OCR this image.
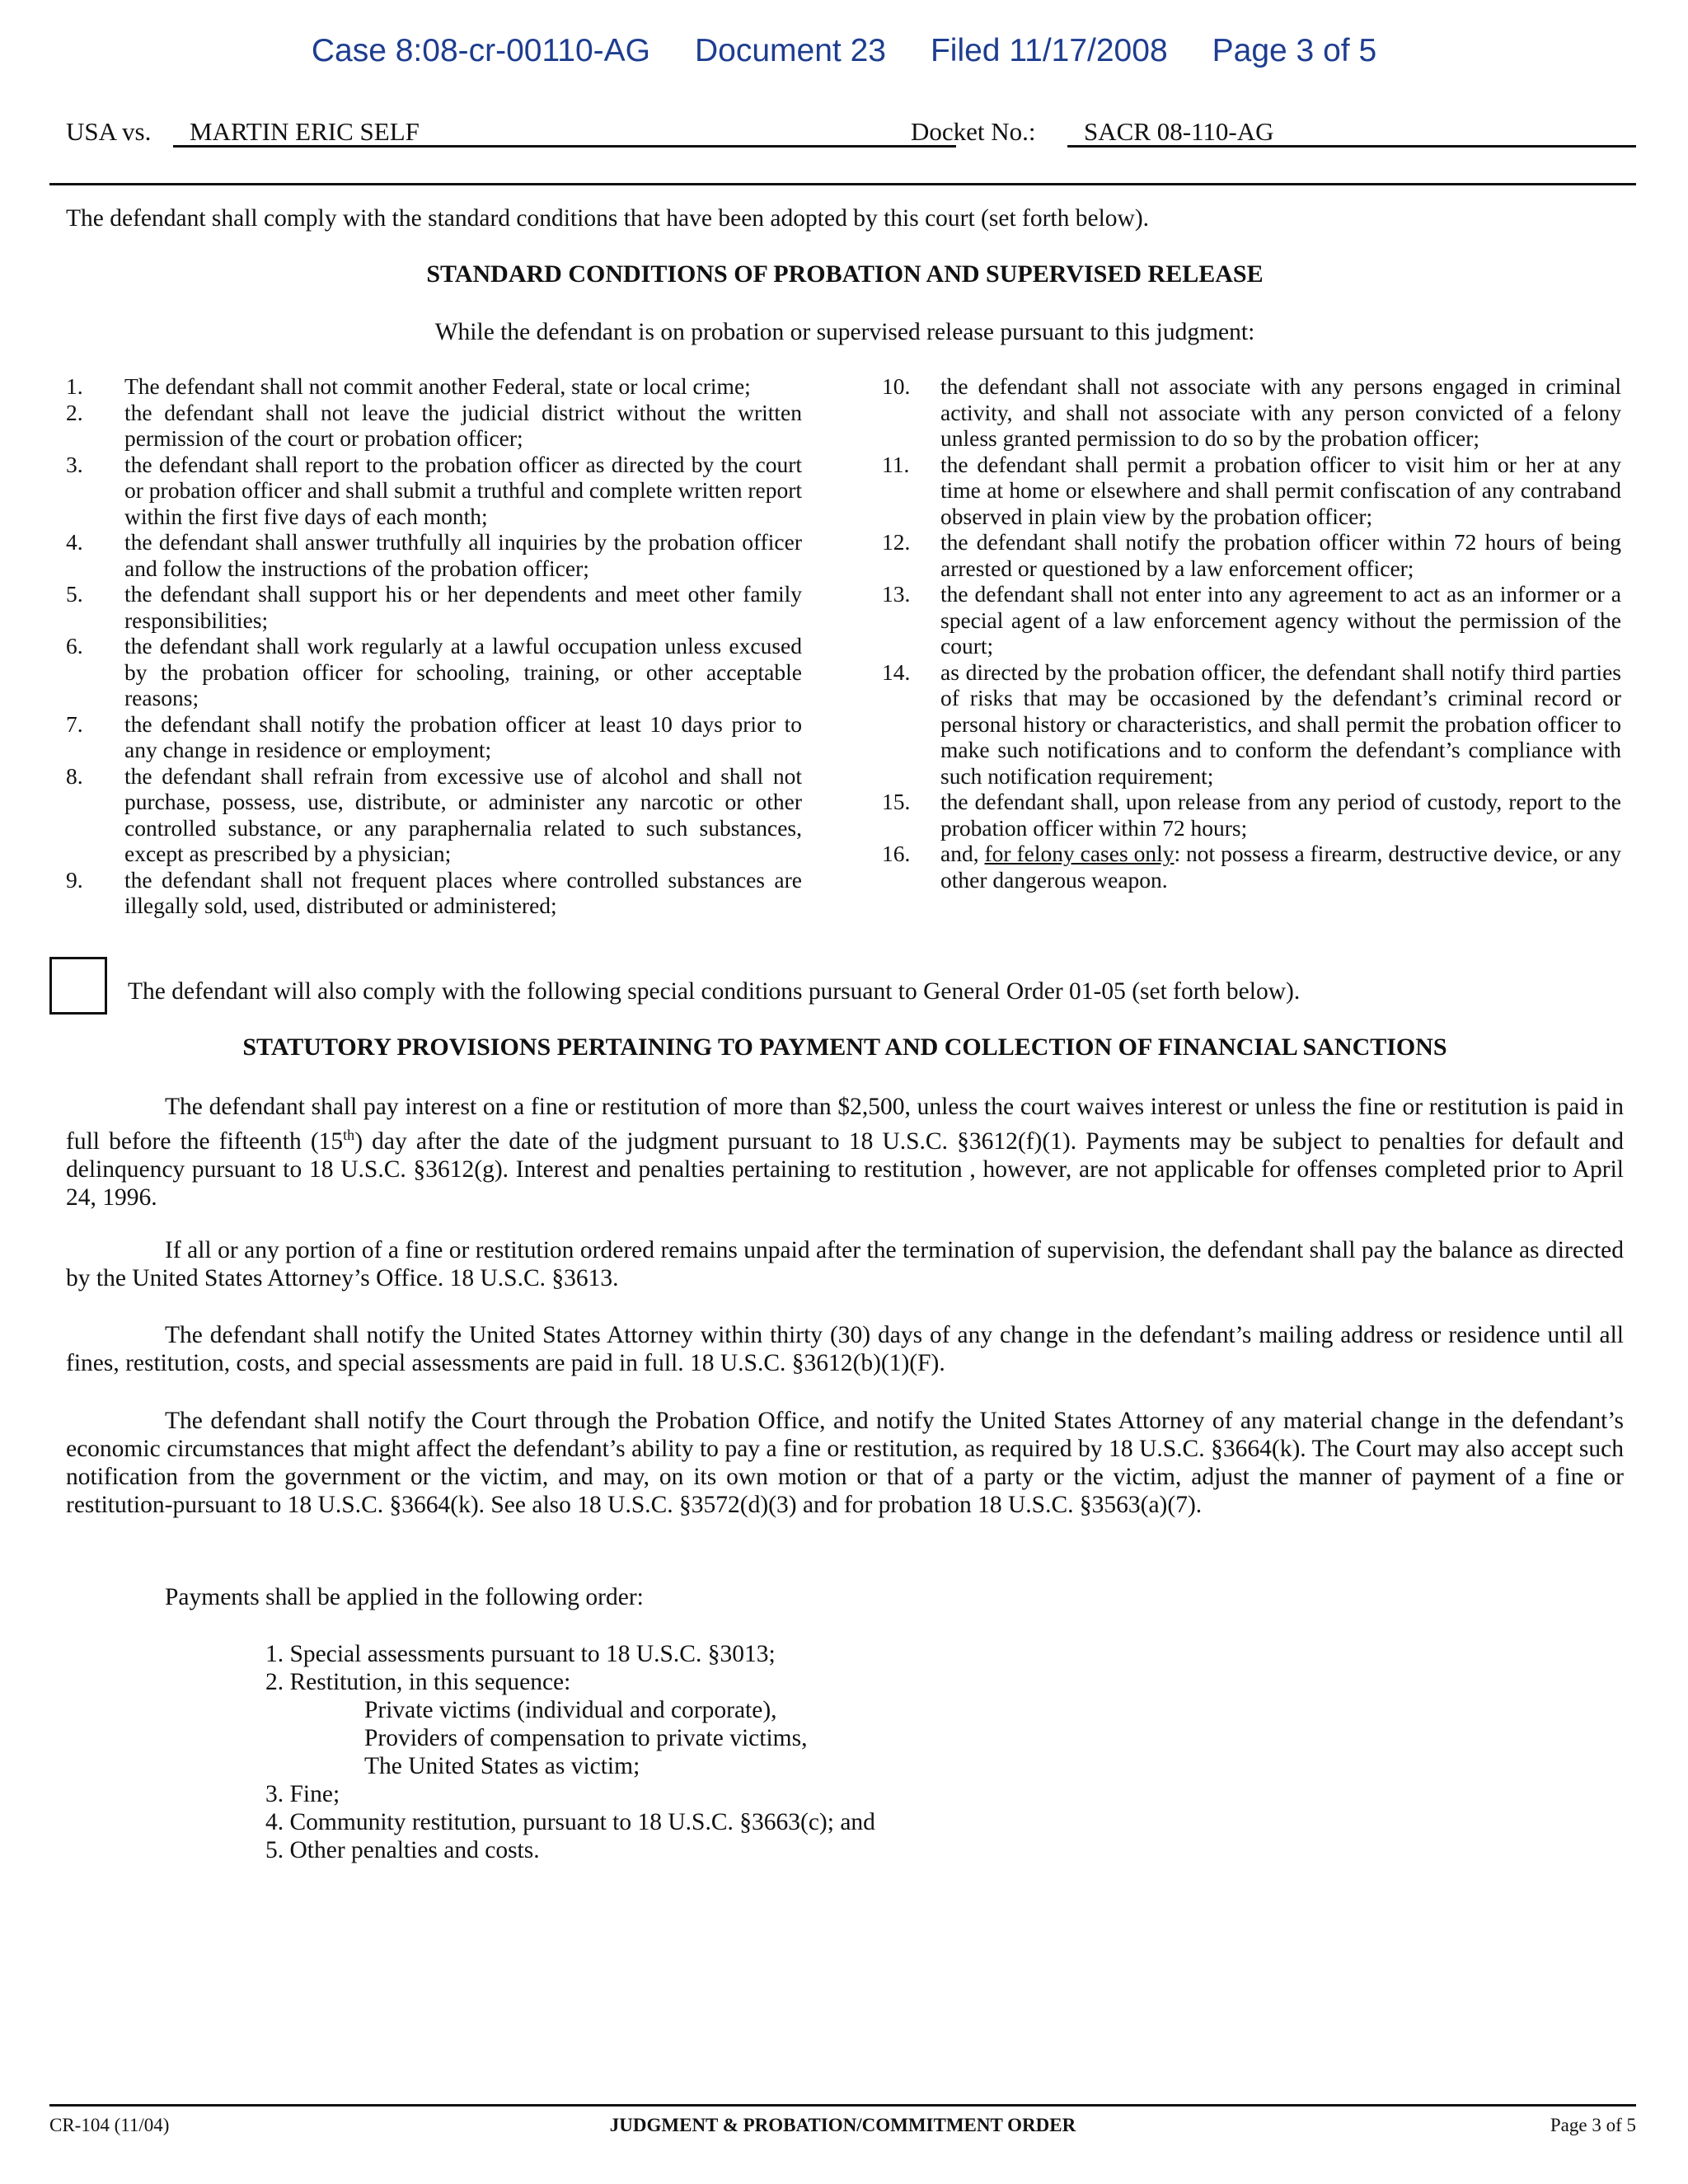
Case 8:08-cr-00110-AG Document 23 Filed 11/17/2008 Page 3 of 5
USA vs.	MARTIN ERIC SELF	Docket No.:	SACR 08-110-AG
The defendant shall comply with the standard conditions that have been adopted by this court (set forth below).
STANDARD CONDITIONS OF PROBATION AND SUPERVISED RELEASE
While the defendant is on probation or supervised release pursuant to this judgment:
1.	The defendant shall not commit another Federal, state or local crime;
2.	the defendant shall not leave the judicial district without the written permission of the court or probation officer;
3.	the defendant shall report to the probation officer as directed by the court or probation officer and shall submit a truthful and complete written report within the first five days of each month;
4.	the defendant shall answer truthfully all inquiries by the probation officer and follow the instructions of the probation officer;
5.	the defendant shall support his or her dependents and meet other family responsibilities;
6.	the defendant shall work regularly at a lawful occupation unless excused by the probation officer for schooling, training, or other acceptable reasons;
7.	the defendant shall notify the probation officer at least 10 days prior to any change in residence or employment;
8.	the defendant shall refrain from excessive use of alcohol and shall not purchase, possess, use, distribute, or administer any narcotic or other controlled substance, or any paraphernalia related to such substances, except as prescribed by a physician;
9.	the defendant shall not frequent places where controlled substances are illegally sold, used, distributed or administered;
10.	the defendant shall not associate with any persons engaged in criminal activity, and shall not associate with any person convicted of a felony unless granted permission to do so by the probation officer;
11.	the defendant shall permit a probation officer to visit him or her at any time at home or elsewhere and shall permit confiscation of any contraband observed in plain view by the probation officer;
12.	the defendant shall notify the probation officer within 72 hours of being arrested or questioned by a law enforcement officer;
13.	the defendant shall not enter into any agreement to act as an informer or a special agent of a law enforcement agency without the permission of the court;
14.	as directed by the probation officer, the defendant shall notify third parties of risks that may be occasioned by the defendant’s criminal record or personal history or characteristics, and shall permit the probation officer to make such notifications and to conform the defendant’s compliance with such notification requirement;
15.	the defendant shall, upon release from any period of custody, report to the probation officer within 72 hours;
16.	and, for felony cases only: not possess a firearm, destructive device, or any other dangerous weapon.
The defendant will also comply with the following special conditions pursuant to General Order 01-05 (set forth below).
STATUTORY PROVISIONS PERTAINING TO PAYMENT AND COLLECTION OF FINANCIAL SANCTIONS
The defendant shall pay interest on a fine or restitution of more than $2,500, unless the court waives interest or unless the fine or restitution is paid in full before the fifteenth (15th) day after the date of the judgment pursuant to 18 U.S.C. §3612(f)(1). Payments may be subject to penalties for default and delinquency pursuant to 18 U.S.C. §3612(g). Interest and penalties pertaining to restitution , however, are not applicable for offenses completed prior to April 24, 1996.
If all or any portion of a fine or restitution ordered remains unpaid after the termination of supervision, the defendant shall pay the balance as directed by the United States Attorney’s Office. 18 U.S.C. §3613.
The defendant shall notify the United States Attorney within thirty (30) days of any change in the defendant’s mailing address or residence until all fines, restitution, costs, and special assessments are paid in full. 18 U.S.C. §3612(b)(1)(F).
The defendant shall notify the Court through the Probation Office, and notify the United States Attorney of any material change in the defendant’s economic circumstances that might affect the defendant’s ability to pay a fine or restitution, as required by 18 U.S.C. §3664(k). The Court may also accept such notification from the government or the victim, and may, on its own motion or that of a party or the victim, adjust the manner of payment of a fine or restitution-pursuant to 18 U.S.C. §3664(k). See also 18 U.S.C. §3572(d)(3) and for probation 18 U.S.C. §3563(a)(7).
Payments shall be applied in the following order:
1. Special assessments pursuant to 18 U.S.C. §3013;
2. Restitution, in this sequence:
Private victims (individual and corporate),
Providers of compensation to private victims,
The United States as victim;
3. Fine;
4. Community restitution, pursuant to 18 U.S.C. §3663(c); and
5. Other penalties and costs.
CR-104 (11/04)	JUDGMENT & PROBATION/COMMITMENT ORDER	Page 3 of 5
